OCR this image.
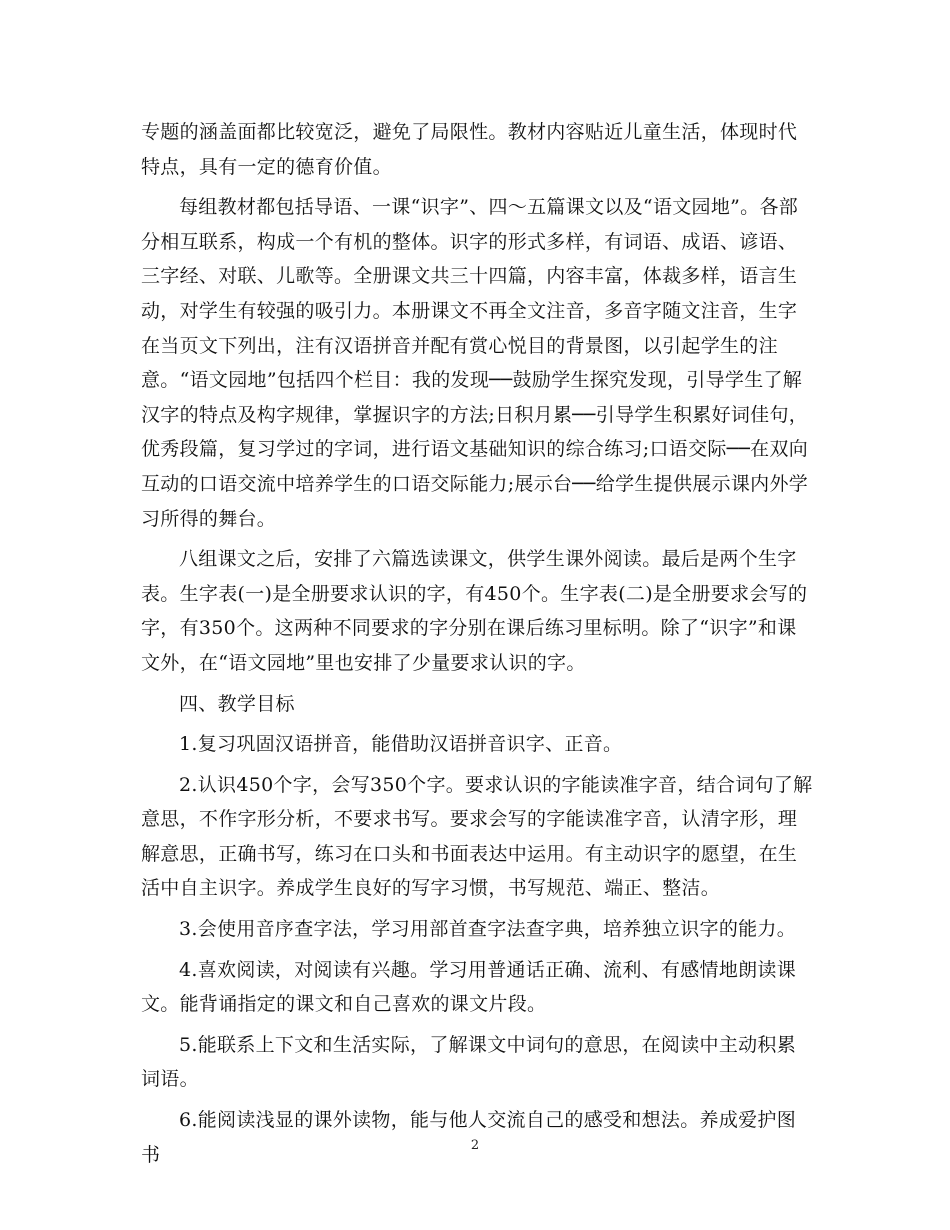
专题的涵盖面都比较宽泛，避免了局限性。教材内容贴近儿童生活，体现时代特点，具有一定的德育价值。

每组教材都包括导语、一课“识字”、四～五篇课文以及“语文园地”。各部分相互联系，构成一个有机的整体。识字的形式多样，有词语、成语、谚语、三字经、对联、儿歌等。全册课文共三十四篇，内容丰富，体裁多样，语言生动，对学生有较强的吸引力。本册课文不再全文注音，多音字随文注音，生字在当页文下列出，注有汉语拼音并配有赏心悦目的背景图，以引起学生的注意。“语文园地”包括四个栏目：我的发现──鼓励学生探究发现，引导学生了解汉字的特点及构字规律，掌握识字的方法;日积月累──引导学生积累好词佳句，优秀段篇，复习学过的字词，进行语文基础知识的综合练习;口语交际──在双向互动的口语交流中培养学生的口语交际能力;展示台──给学生提供展示课内外学习所得的舞台。

八组课文之后，安排了六篇选读课文，供学生课外阅读。最后是两个生字表。生字表(一)是全册要求认识的字，有450个。生字表(二)是全册要求会写的字，有350个。这两种不同要求的字分别在课后练习里标明。除了“识字”和课文外，在“语文园地”里也安排了少量要求认识的字。

四、教学目标

1.复习巩固汉语拼音，能借助汉语拼音识字、正音。

2.认识450个字，会写350个字。要求认识的字能读准字音，结合词句了解意思，不作字形分析，不要求书写。要求会写的字能读准字音，认清字形，理解意思，正确书写，练习在口头和书面表达中运用。有主动识字的愿望，在生活中自主识字。养成学生良好的写字习惯，书写规范、端正、整洁。

3.会使用音序查字法，学习用部首查字法查字典，培养独立识字的能力。

4.喜欢阅读，对阅读有兴趣。学习用普通话正确、流利、有感情地朗读课文。能背诵指定的课文和自己喜欢的课文片段。

5.能联系上下文和生活实际，了解课文中词句的意思，在阅读中主动积累词语。

6.能阅读浅显的课外读物，能与他人交流自己的感受和想法。养成爱护图书	2
